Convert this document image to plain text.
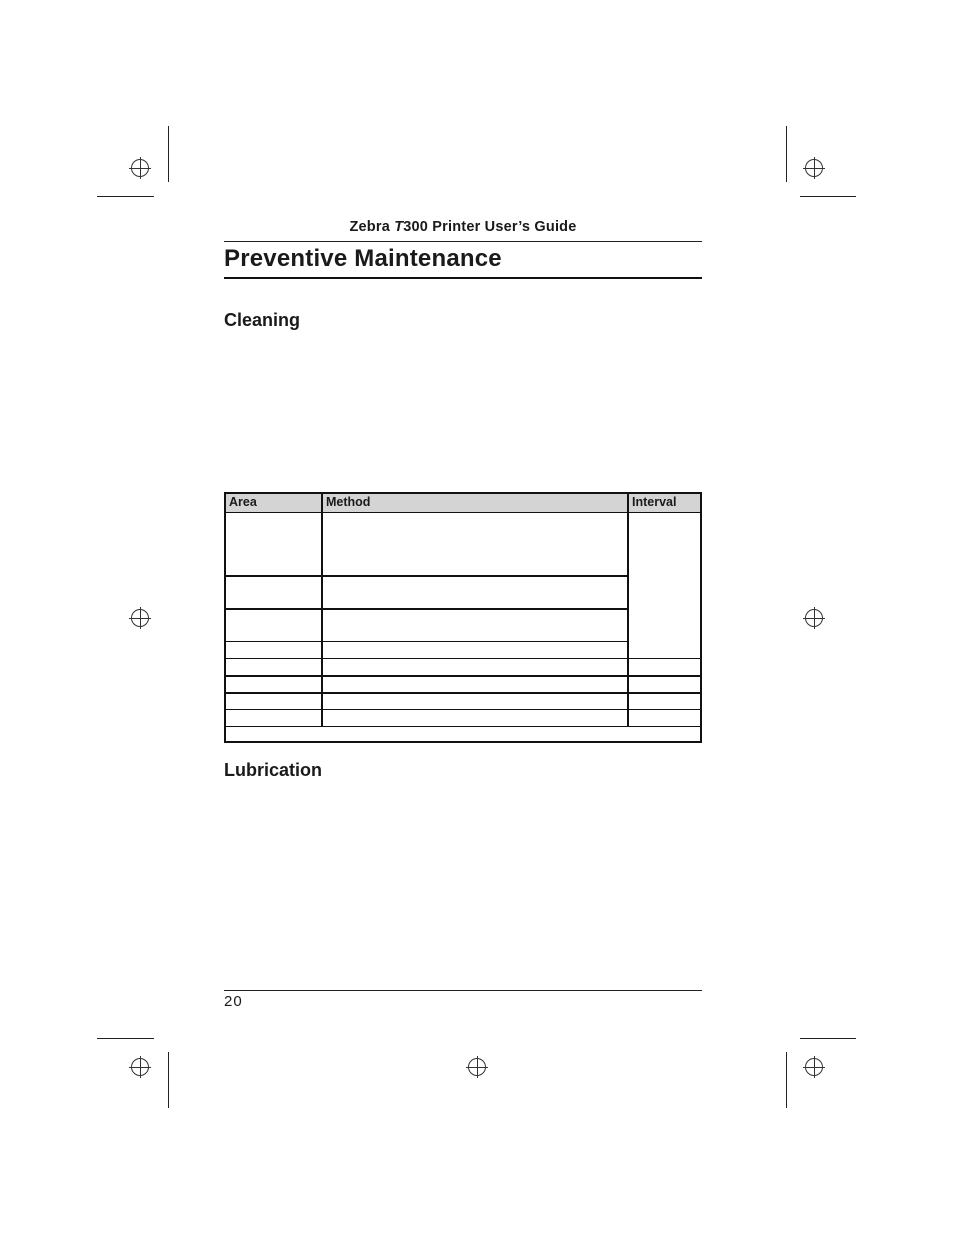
Zebra T300 Printer User’s Guide
Preventive Maintenance
Cleaning
Area	Method	Interval
Lubrication
20
